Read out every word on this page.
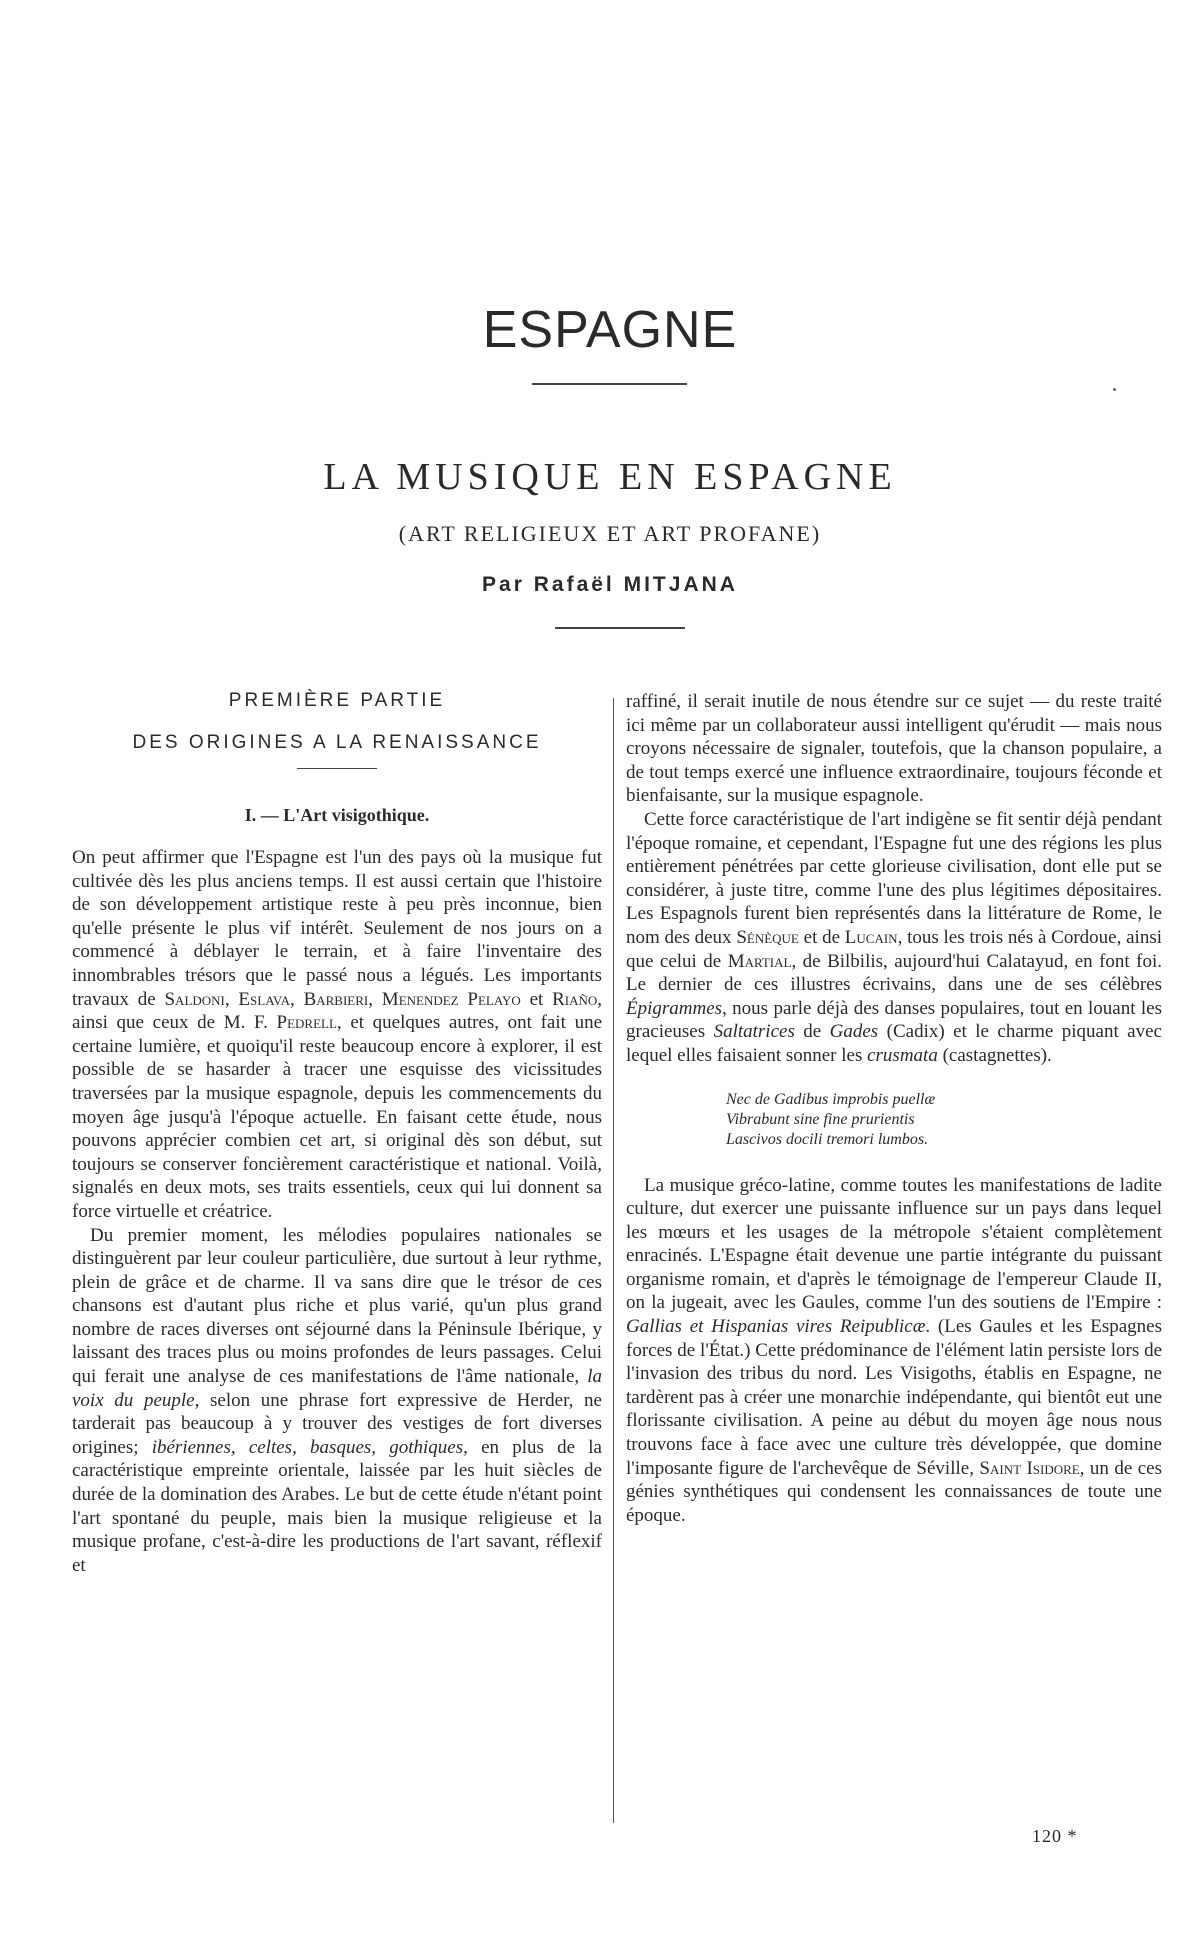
ESPAGNE
LA MUSIQUE EN ESPAGNE
(ART RELIGIEUX ET ART PROFANE)
Par Rafaël MITJANA
PREMIÈRE PARTIE
DES ORIGINES A LA RENAISSANCE
I. — L'Art visigothique.

On peut affirmer que l'Espagne est l'un des pays où la musique fut cultivée dès les plus anciens temps. Il est aussi certain que l'histoire de son développement artistique reste à peu près inconnue, bien qu'elle présente le plus vif intérêt. Seulement de nos jours on a commencé à déblayer le terrain, et à faire l'inventaire des innombrables trésors que le passé nous a légués. Les importants travaux de Saldoni, Eslava, Barbieri, Menendez Pelayo et Riaño, ainsi que ceux de M. F. Pedrell, et quelques autres, ont fait une certaine lumière, et quoiqu'il reste beaucoup encore à explorer, il est possible de se hasarder à tracer une esquisse des vicissitudes traversées par la musique espagnole, depuis les commencements du moyen âge jusqu'à l'époque actuelle. En faisant cette étude, nous pouvons apprécier combien cet art, si original dès son début, sut toujours se conserver foncièrement caractéristique et national. Voilà, signalés en deux mots, ses traits essentiels, ceux qui lui donnent sa force virtuelle et créatrice.

Du premier moment, les mélodies populaires nationales se distinguèrent par leur couleur particulière, due surtout à leur rythme, plein de grâce et de charme. Il va sans dire que le trésor de ces chansons est d'autant plus riche et plus varié, qu'un plus grand nombre de races diverses ont séjourné dans la Péninsule Ibérique, y laissant des traces plus ou moins profondes de leurs passages. Celui qui ferait une analyse de ces manifestations de l'âme nationale, la voix du peuple, selon une phrase fort expressive de Herder, ne tarderait pas beaucoup à y trouver des vestiges de fort diverses origines; ibériennes, celtes, basques, gothiques, en plus de la caractéristique empreinte orientale, laissée par les huit siècles de durée de la domination des Arabes. Le but de cette étude n'étant point l'art spontané du peuple, mais bien la musique religieuse et la musique profane, c'est-à-dire les productions de l'art savant, réflexif et

raffiné, il serait inutile de nous étendre sur ce sujet — du reste traité ici même par un collaborateur aussi intelligent qu'érudit — mais nous croyons nécessaire de signaler, toutefois, que la chanson populaire, a de tout temps exercé une influence extraordinaire, toujours féconde et bienfaisante, sur la musique espagnole.

Cette force caractéristique de l'art indigène se fit sentir déjà pendant l'époque romaine, et cependant, l'Espagne fut une des régions les plus entièrement pénétrées par cette glorieuse civilisation, dont elle put se considérer, à juste titre, comme l'une des plus légitimes dépositaires. Les Espagnols furent bien représentés dans la littérature de Rome, le nom des deux Sénèque et de Lucain, tous les trois nés à Cordoue, ainsi que celui de Martial, de Bilbilis, aujourd'hui Calatayud, en font foi. Le dernier de ces illustres écrivains, dans une de ses célèbres Épigrammes, nous parle déjà des danses populaires, tout en louant les gracieuses Saltatrices de Gades (Cadix) et le charme piquant avec lequel elles faisaient sonner les crusmata (castagnettes).

Nec de Gadibus improbis puellæ
Vibrabunt sine fine prurientis
Lascivos docili tremori lumbos.

La musique gréco-latine, comme toutes les manifestations de ladite culture, dut exercer une puissante influence sur un pays dans lequel les mœurs et les usages de la métropole s'étaient complètement enracinés. L'Espagne était devenue une partie intégrante du puissant organisme romain, et d'après le témoignage de l'empereur Claude II, on la jugeait, avec les Gaules, comme l'un des soutiens de l'Empire : Gallias et Hispanias vires Reipublicæ. (Les Gaules et les Espagnes forces de l'État.) Cette prédominance de l'élément latin persiste lors de l'invasion des tribus du nord. Les Visigoths, établis en Espagne, ne tardèrent pas à créer une monarchie indépendante, qui bientôt eut une florissante civilisation. A peine au début du moyen âge nous nous trouvons face à face avec une culture très développée, que domine l'imposante figure de l'archevêque de Séville, Saint Isidore, un de ces génies synthétiques qui condensent les connaissances de toute une époque.

120 *
